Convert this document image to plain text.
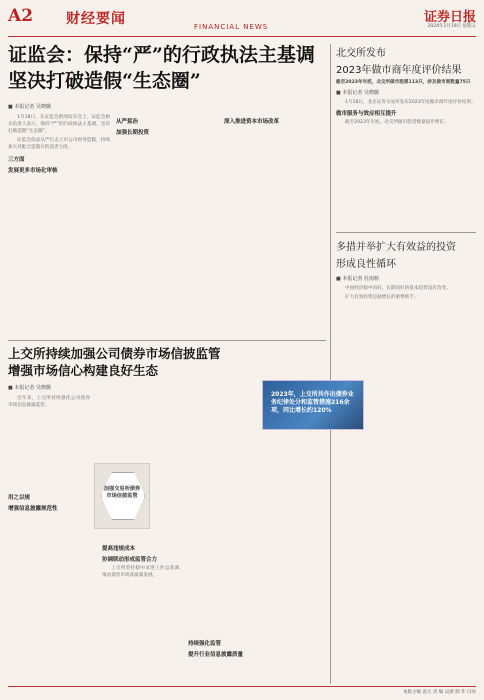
A2 财经要闻	FINANCIAL NEWS
证券日报
2024年1月19日 星期五
证监会：保持“严”的行政执法主基调
坚决打破造假“生态圈”
■ 本报记者 吴晓璐

1月18日，在证监会新闻发布会上，证监会相关负责人表示，保持“严”的行政执法主基调，坚决打破造假“生态圈”。

证监会依法从严打击上市公司财务造假，持续加大对配合造假方的追责力度。

三方面
发展更多市场化审核
从严惩治
加强长期投资
深入推进资本市场改革
北交所发布
2023年做市商年度评价结果
截至2023年年底，北交所做市股票113只，涉及做市商数量75只
■ 本报记者 吴晓璐

1月18日，北京证券交易所发布2023年度做市商年度评价结果。

做市服务与效应相互提升

截至2023年年底，北交所做市股票数量稳步增长。

多措并举扩大有效益的投资
形成良性循环
■ 本报记者 杜雨萌

中国经济稳中向好、长期向好的基本趋势没有改变。

扩大有效投资是稳增长的重要抓手。

上交所持续加强公司债券市场信披监管
增强市场信心构建良好生态
■ 本报记者 吴晓璐

近年来，上交所持续强化公司债券市场信息披露监管。

用之以规
增强信息披露规范性
提高违规成本
协调联动形成监管合力

上交所坚持稳中求进工作总基调，推动债券市场高质量发展。

持续强化监管
提升行业信息披露质量
2023年，上交所共作出债券业务纪律处分和监管措施216余项，同比增长约120%
加强交易所债券市场信披监管
本版主编 袁元 责 编 吴澍 制 作 闫亮
